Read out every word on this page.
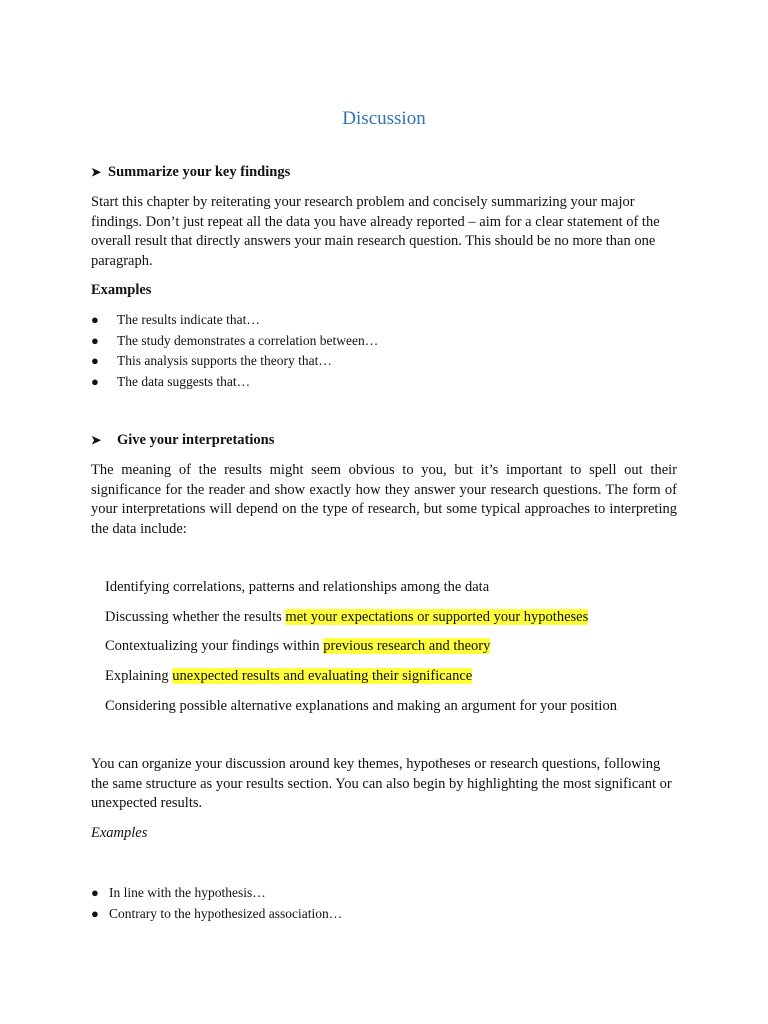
Discussion
➤ Summarize your key findings
Start this chapter by reiterating your research problem and concisely summarizing your major findings. Don’t just repeat all the data you have already reported – aim for a clear statement of the overall result that directly answers your main research question. This should be no more than one paragraph.
Examples
● The results indicate that…
● The study demonstrates a correlation between…
● This analysis supports the theory that…
● The data suggests that…
➤	Give your interpretations
The meaning of the results might seem obvious to you, but it’s important to spell out their significance for the reader and show exactly how they answer your research questions. The form of your interpretations will depend on the type of research, but some typical approaches to interpreting the data include:
Identifying correlations, patterns and relationships among the data
Discussing whether the results met your expectations or supported your hypotheses
Contextualizing your findings within previous research and theory
Explaining unexpected results and evaluating their significance
Considering possible alternative explanations and making an argument for your position
You can organize your discussion around key themes, hypotheses or research questions, following the same structure as your results section. You can also begin by highlighting the most significant or unexpected results.
Examples
● In line with the hypothesis…
● Contrary to the hypothesized association…
